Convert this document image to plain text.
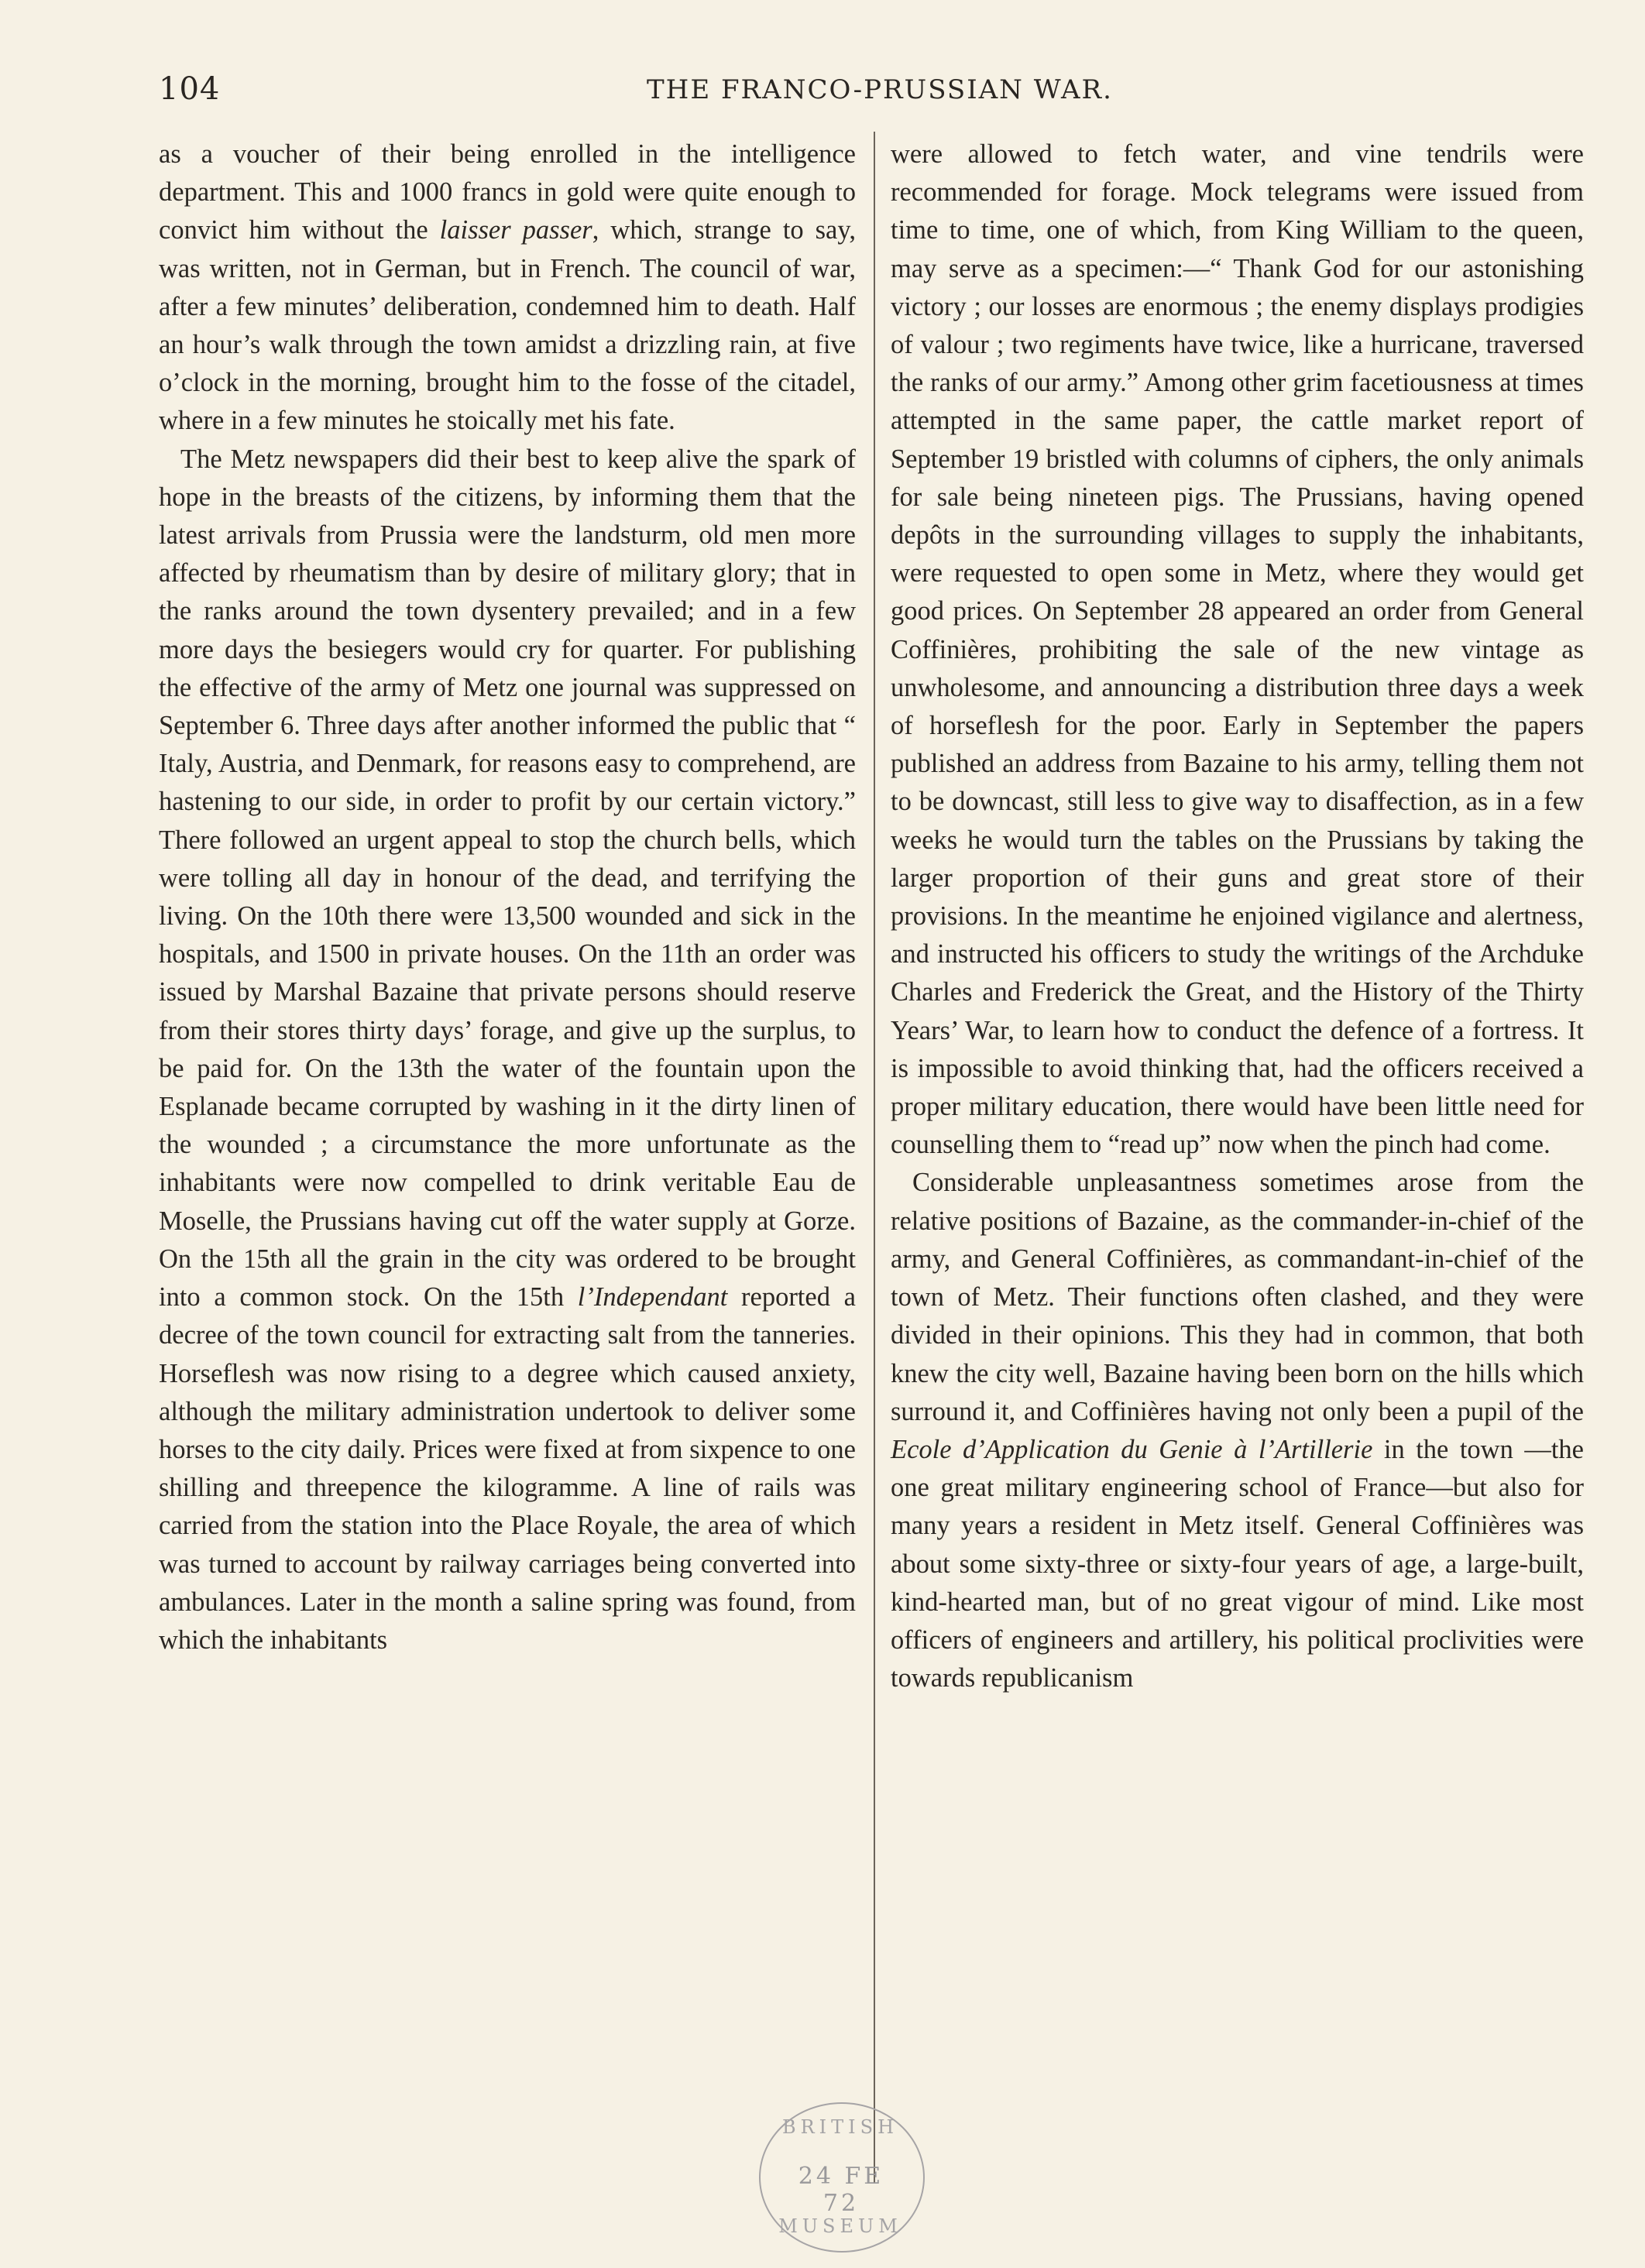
104	THE FRANCO-PRUSSIAN WAR.

as a voucher of their being enrolled in the intelligence department. This and 1000 francs in gold were quite enough to convict him without the laisser passer, which, strange to say, was written, not in German, but in French. The council of war, after a few minutes’ deliberation, condemned him to death. Half an hour’s walk through the town amidst a drizzling rain, at five o’clock in the morning, brought him to the fosse of the citadel, where in a few minutes he stoically met his fate.

The Metz newspapers did their best to keep alive the spark of hope in the breasts of the citizens, by informing them that the latest arrivals from Prussia were the landsturm, old men more affected by rheumatism than by desire of military glory; that in the ranks around the town dysentery prevailed; and in a few more days the besiegers would cry for quarter. For publishing the effective of the army of Metz one journal was suppressed on September 6. Three days after another informed the public that “ Italy, Austria, and Denmark, for reasons easy to comprehend, are hastening to our side, in order to profit by our certain victory.” There followed an urgent appeal to stop the church bells, which were tolling all day in honour of the dead, and terrifying the living. On the 10th there were 13,500 wounded and sick in the hospitals, and 1500 in private houses. On the 11th an order was issued by Marshal Bazaine that private persons should reserve from their stores thirty days’ forage, and give up the surplus, to be paid for. On the 13th the water of the fountain upon the Esplanade became corrupted by washing in it the dirty linen of the wounded ; a circumstance the more unfortunate as the inhabitants were now compelled to drink veritable Eau de Moselle, the Prussians having cut off the water supply at Gorze. On the 15th all the grain in the city was ordered to be brought into a common stock. On the 15th l’Independant reported a decree of the town council for extracting salt from the tanneries. Horseflesh was now rising to a degree which caused anxiety, although the military administration undertook to deliver some horses to the city daily. Prices were fixed at from sixpence to one shilling and threepence the kilogramme. A line of rails was carried from the station into the Place Royale, the area of which was turned to account by railway carriages being converted into ambulances. Later in the month a saline spring was found, from which the inhabitants

were allowed to fetch water, and vine tendrils were recommended for forage. Mock telegrams were issued from time to time, one of which, from King William to the queen, may serve as a specimen:—“ Thank God for our astonishing victory ; our losses are enormous ; the enemy displays prodigies of valour ; two regiments have twice, like a hurricane, traversed the ranks of our army.” Among other grim facetiousness at times attempted in the same paper, the cattle market report of September 19 bristled with columns of ciphers, the only animals for sale being nineteen pigs. The Prussians, having opened depôts in the surrounding villages to supply the inhabitants, were requested to open some in Metz, where they would get good prices. On September 28 appeared an order from General Coffinières, prohibiting the sale of the new vintage as unwholesome, and announcing a distribution three days a week of horseflesh for the poor. Early in September the papers published an address from Bazaine to his army, telling them not to be downcast, still less to give way to disaffection, as in a few weeks he would turn the tables on the Prussians by taking the larger proportion of their guns and great store of their provisions. In the meantime he enjoined vigilance and alertness, and instructed his officers to study the writings of the Archduke Charles and Frederick the Great, and the History of the Thirty Years’ War, to learn how to conduct the defence of a fortress. It is impossible to avoid thinking that, had the officers received a proper military education, there would have been little need for counselling them to “read up” now when the pinch had come.

Considerable unpleasantness sometimes arose from the relative positions of Bazaine, as the commander-in-chief of the army, and General Coffinières, as commandant-in-chief of the town of Metz. Their functions often clashed, and they were divided in their opinions. This they had in common, that both knew the city well, Bazaine having been born on the hills which surround it, and Coffinières having not only been a pupil of the Ecole d’Application du Genie à l’Artillerie in the town —the one great military engineering school of France—but also for many years a resident in Metz itself. General Coffinières was about some sixty-three or sixty-four years of age, a large-built, kind-hearted man, but of no great vigour of mind. Like most officers of engineers and artillery, his political proclivities were towards republicanism

BRITISH
24 FE 72
MUSEUM
